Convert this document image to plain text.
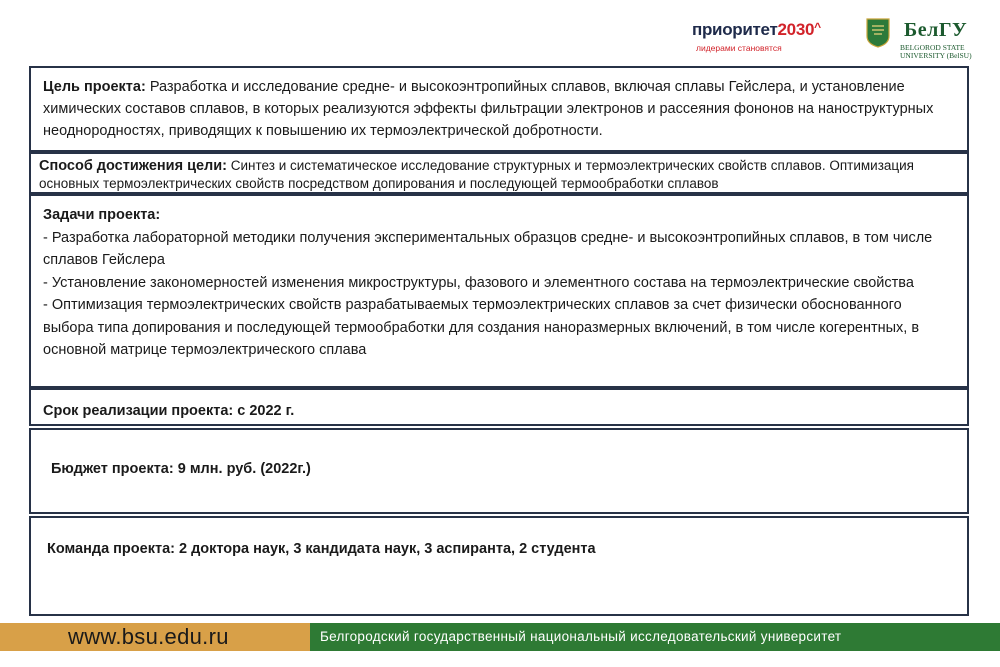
приоритет2030^
лидерами становятся
БелГУ
BELGOROD STATE
UNIVERSITY (BelSU)
Цель проекта: Разработка и исследование средне- и высокоэнтропийных сплавов, включая сплавы Гейслера, и установление химических составов сплавов, в которых реализуются эффекты фильтрации электронов и рассеяния фононов на наноструктурных неоднородностях, приводящих к повышению их термоэлектрической добротности.
Способ достижения цели: Синтез и систематическое исследование структурных и термоэлектрических свойств сплавов. Оптимизация основных термоэлектрических свойств посредством допирования и последующей термообработки сплавов
Задачи проекта:

- Разработка лабораторной методики получения экспериментальных образцов средне- и высокоэнтропийных сплавов, в том числе сплавов Гейслера

- Установление закономерностей изменения микроструктуры, фазового и элементного состава на термоэлектрические свойства

- Оптимизация термоэлектрических свойств разрабатываемых термоэлектрических сплавов за счет физически обоснованного выбора типа допирования и последующей термообработки для создания наноразмерных включений, в том числе когерентных, в основной матрице термоэлектрического сплава

Срок реализации проекта: с 2022 г.
Бюджет проекта: 9 млн. руб. (2022г.)
Команда проекта: 2 доктора наук, 3 кандидата наук, 3 аспиранта, 2 студента
www.bsu.edu.ru	Белгородский государственный национальный исследовательский университет
